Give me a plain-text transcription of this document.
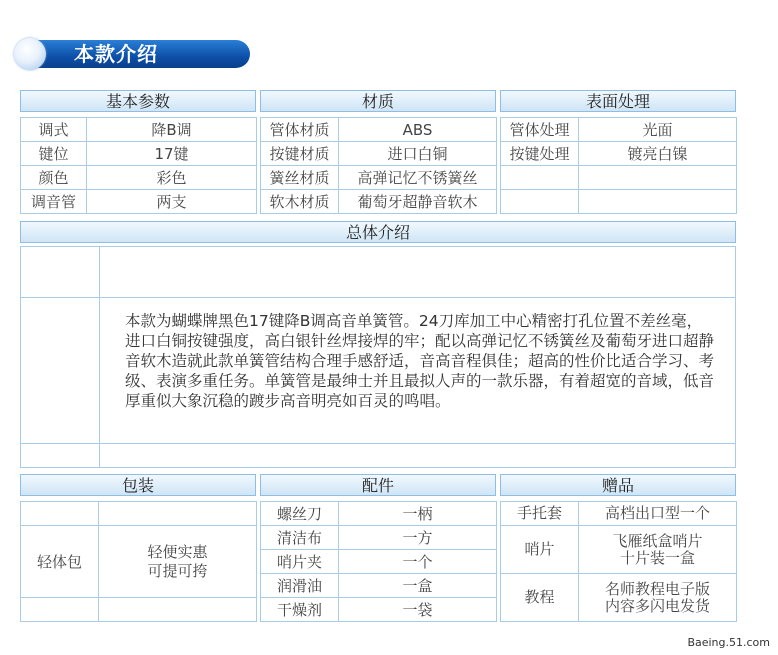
本款介绍
基本参数
调式	降B调
键位	17键
颜色	彩色
调音管	两支
材质
管体材质	ABS
按键材质	进口白铜
簧丝材质	高弹记忆不锈簧丝
软木材质	葡萄牙超静音软木
表面处理
管体处理	光面
按键处理	镀亮白镍

总体介绍
本款为蝴蝶牌黑色17键降B调高音单簧管。24刀库加工中心精密打孔位置不差丝毫，进口白铜按键强度，高白银针丝焊接焊的牢；配以高弹记忆不锈簧丝及葡萄牙进口超静音软木造就此款单簧管结构合理手感舒适，音高音程俱佳；超高的性价比适合学习、考级、表演多重任务。单簧管是最绅士并且最拟人声的一款乐器，有着超宽的音域，低音厚重似大象沉稳的踱步高音明亮如百灵的鸣唱。
包装

轻体包	轻便实惠
可提可挎

配件
螺丝刀	一柄
清洁布	一方
哨片夹	一个
润滑油	一盒
干燥剂	一袋
赠品
手托套	高档出口型一个

哨片	飞雁纸盒哨片
十片装一盒

教程	名师教程电子版
内容多闪电发货
Baeing.51.com
